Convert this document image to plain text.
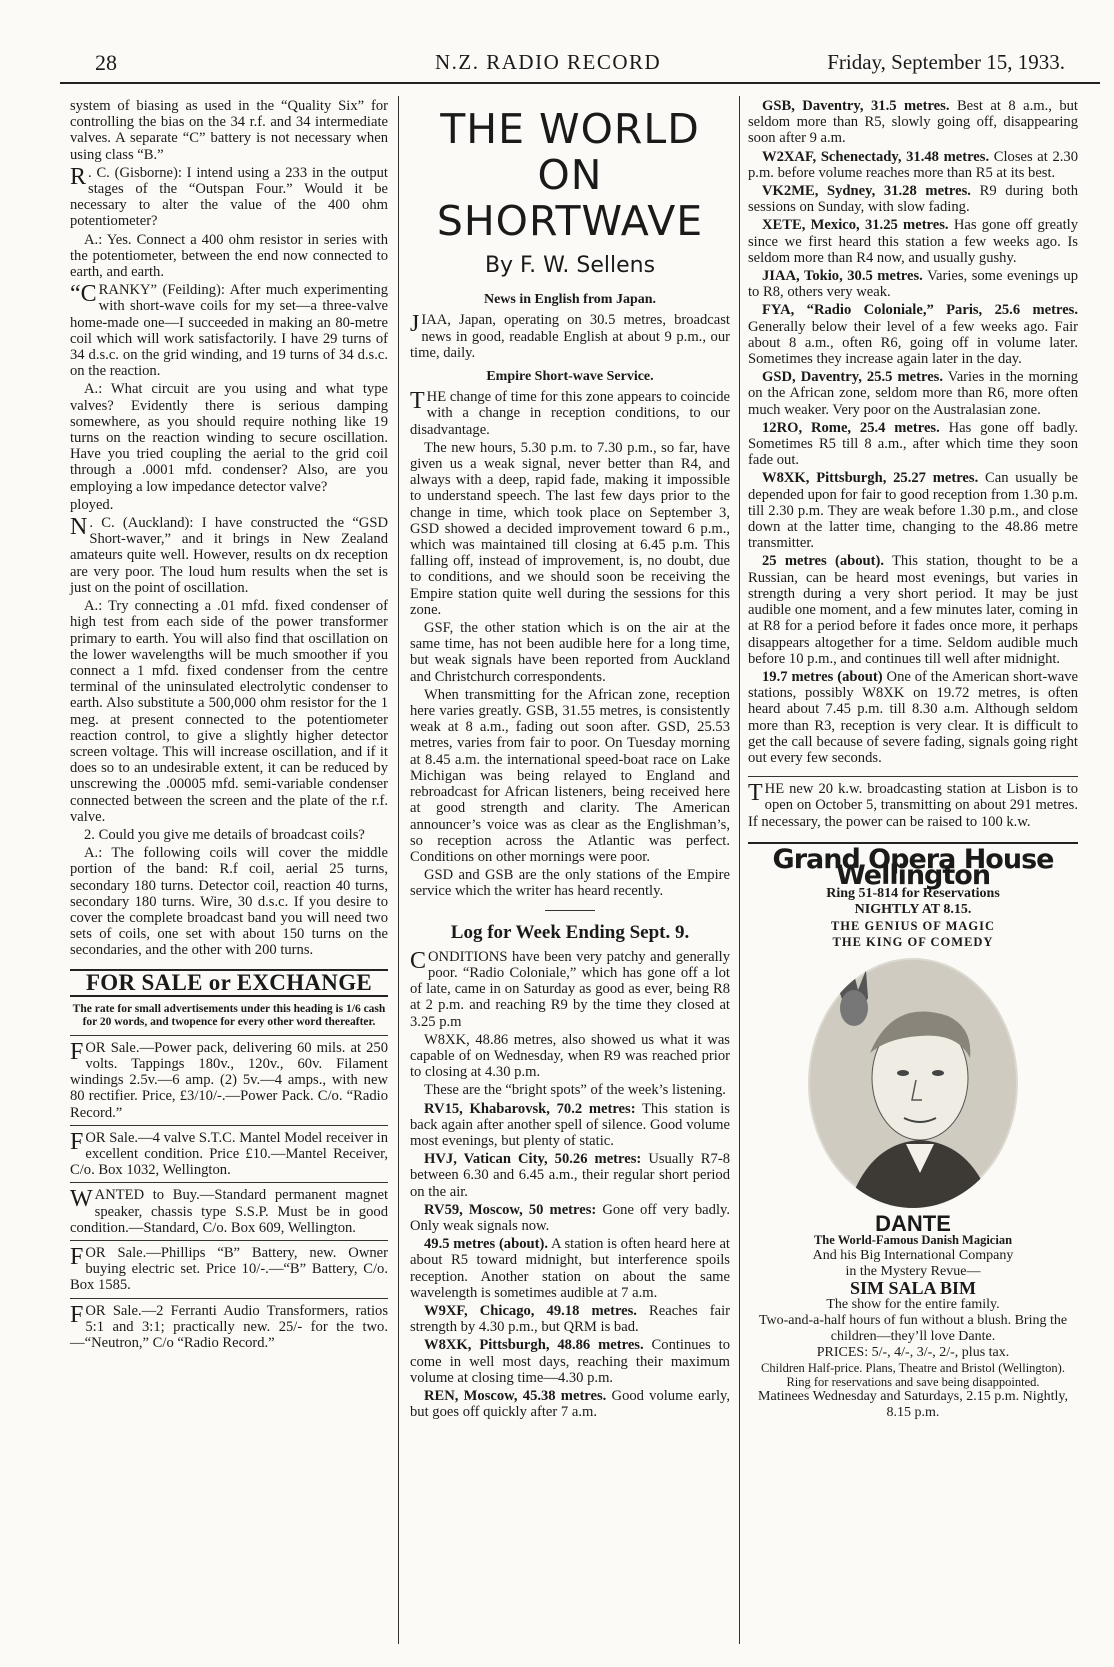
28	N.Z. RADIO RECORD	Friday, September 15, 1933.

system of biasing as used in the “Quality Six” for controlling the bias on the 34 r.f. and 34 intermediate valves. A separate “C” battery is not necessary when using class “B.”

R . C. (Gisborne): I intend using a 233 in the output stages of the “Outspan Four.” Would it be necessary to alter the value of the 400 ohm potentiometer?

A.: Yes. Connect a 400 ohm resistor in series with the potentiometer, between the end now connected to earth, and earth.

“CRANKY” (Feilding): After much experimenting with short-wave coils for my set—a three-valve home-made one—I succeeded in making an 80-metre coil which will work satisfactorily. I have 29 turns of 34 d.s.c. on the grid winding, and 19 turns of 34 d.s.c. on the reaction.

A.: What circuit are you using and what type valves? Evidently there is serious damping somewhere, as you should require nothing like 19 turns on the reaction winding to secure oscillation. Have you tried coupling the aerial to the grid coil through a .0001 mfd. condenser? Also, are you employing a low impedance detector valve?

ployed.

N . C. (Auckland): I have constructed the “GSD Short-waver,” and it brings in New Zealand amateurs quite well. However, results on dx reception are very poor. The loud hum results when the set is just on the point of oscillation.

A.: Try connecting a .01 mfd. fixed condenser of high test from each side of the power transformer primary to earth. You will also find that oscillation on the lower wavelengths will be much smoother if you connect a 1 mfd. fixed condenser from the centre terminal of the uninsulated electrolytic condenser to earth. Also substitute a 500,000 ohm resistor for the 1 meg. at present connected to the potentiometer reaction control, to give a slightly higher detector screen voltage. This will increase oscillation, and if it does so to an undesirable extent, it can be reduced by unscrewing the .00005 mfd. semi-variable condenser connected between the screen and the plate of the r.f. valve.

2. Could you give me details of broadcast coils?

A.: The following coils will cover the middle portion of the band: R.f coil, aerial 25 turns, secondary 180 turns. Detector coil, reaction 40 turns, secondary 180 turns. Wire, 30 d.s.c. If you desire to cover the complete broadcast band you will need two sets of coils, one set with about 150 turns on the secondaries, and the other with 200 turns.

FOR SALE or EXCHANGE
The rate for small advertisements under this heading is 1/6 cash for 20 words, and twopence for every other word thereafter.

FOR Sale.—Power pack, delivering 60 mils. at 250 volts. Tappings 180v., 120v., 60v. Filament windings 2.5v.—6 amp. (2) 5v.—4 amps., with new 80 rectifier. Price, £3/10/-.—Power Pack. C/o. “Radio Record.”

FOR Sale.—4 valve S.T.C. Mantel Model receiver in excellent condition. Price £10.—Mantel Receiver, C/o. Box 1032, Wellington.

WANTED to Buy.—Standard permanent magnet speaker, chassis type S.S.P. Must be in good condition.—Standard, C/o. Box 609, Wellington.

FOR Sale.—Phillips “B” Battery, new. Owner buying electric set. Price 10/-.—“B” Battery, C/o. Box 1585.

FOR Sale.—2 Ferranti Audio Transformers, ratios 5:1 and 3:1; practically new. 25/- for the two.—“Neutron,” C/o “Radio Record.”

THE WORLD
ON
SHORTWAVE
By F. W. Sellens
News in English from Japan.

JIAA, Japan, operating on 30.5 metres, broadcast news in good, readable English at about 9 p.m., our time, daily.

Empire Short-wave Service.

THE change of time for this zone appears to coincide with a change in reception conditions, to our disadvantage.

The new hours, 5.30 p.m. to 7.30 p.m., so far, have given us a weak signal, never better than R4, and always with a deep, rapid fade, making it impossible to understand speech. The last few days prior to the change in time, which took place on September 3, GSD showed a decided improvement toward 6 p.m., which was maintained till closing at 6.45 p.m. This falling off, instead of improvement, is, no doubt, due to conditions, and we should soon be receiving the Empire station quite well during the sessions for this zone.

GSF, the other station which is on the air at the same time, has not been audible here for a long time, but weak signals have been reported from Auckland and Christchurch correspondents.

When transmitting for the African zone, reception here varies greatly. GSB, 31.55 metres, is consistently weak at 8 a.m., fading out soon after. GSD, 25.53 metres, varies from fair to poor. On Tuesday morning at 8.45 a.m. the international speed-boat race on Lake Michigan was being relayed to England and rebroadcast for African listeners, being received here at good strength and clarity. The American announcer’s voice was as clear as the Englishman’s, so reception across the Atlantic was perfect. Conditions on other mornings were poor.

GSD and GSB are the only stations of the Empire service which the writer has heard recently.

Log for Week Ending Sept. 9.

CONDITIONS have been very patchy and generally poor. “Radio Coloniale,” which has gone off a lot of late, came in on Saturday as good as ever, being R8 at 2 p.m. and reaching R9 by the time they closed at 3.25 p.m

W8XK, 48.86 metres, also showed us what it was capable of on Wednesday, when R9 was reached prior to closing at 4.30 p.m.

These are the “bright spots” of the week’s listening.

RV15, Khabarovsk, 70.2 metres: This station is back again after another spell of silence. Good volume most evenings, but plenty of static.

HVJ, Vatican City, 50.26 metres: Usually R7-8 between 6.30 and 6.45 a.m., their regular short period on the air.

RV59, Moscow, 50 metres: Gone off very badly. Only weak signals now.

49.5 metres (about). A station is often heard here at about R5 toward midnight, but interference spoils reception. Another station on about the same wavelength is sometimes audible at 7 a.m.

W9XF, Chicago, 49.18 metres. Reaches fair strength by 4.30 p.m., but QRM is bad.

W8XK, Pittsburgh, 48.86 metres. Continues to come in well most days, reaching their maximum volume at closing time—4.30 p.m.

REN, Moscow, 45.38 metres. Good volume early, but goes off quickly after 7 a.m.

GSB, Daventry, 31.5 metres. Best at 8 a.m., but seldom more than R5, slowly going off, disappearing soon after 9 a.m.

W2XAF, Schenectady, 31.48 metres. Closes at 2.30 p.m. before volume reaches more than R5 at its best.

VK2ME, Sydney, 31.28 metres. R9 during both sessions on Sunday, with slow fading.

XETE, Mexico, 31.25 metres. Has gone off greatly since we first heard this station a few weeks ago. Is seldom more than R4 now, and usually gushy.

JIAA, Tokio, 30.5 metres. Varies, some evenings up to R8, others very weak.

FYA, “Radio Coloniale,” Paris, 25.6 metres. Generally below their level of a few weeks ago. Fair about 8 a.m., often R6, going off in volume later. Sometimes they increase again later in the day.

GSD, Daventry, 25.5 metres. Varies in the morning on the African zone, seldom more than R6, more often much weaker. Very poor on the Australasian zone.

12RO, Rome, 25.4 metres. Has gone off badly. Sometimes R5 till 8 a.m., after which time they soon fade out.

W8XK, Pittsburgh, 25.27 metres. Can usually be depended upon for fair to good reception from 1.30 p.m. till 2.30 p.m. They are weak before 1.30 p.m., and close down at the latter time, changing to the 48.86 metre transmitter.

25 metres (about). This station, thought to be a Russian, can be heard most evenings, but varies in strength during a very short period. It may be just audible one moment, and a few minutes later, coming in at R8 for a period before it fades once more, it perhaps disappears altogether for a time. Seldom audible much before 10 p.m., and continues till well after midnight.

19.7 metres (about) One of the American short-wave stations, possibly W8XK on 19.72 metres, is often heard about 7.45 p.m. till 8.30 a.m. Although seldom more than R3, reception is very clear. It is difficult to get the call because of severe fading, signals going right out every few seconds.

THE new 20 k.w. broadcasting station at Lisbon is to open on October 5, transmitting on about 291 metres. If necessary, the power can be raised to 100 k.w.

Grand Opera House Wellington
Ring 51-814 for Reservations
NIGHTLY AT 8.15.
THE GENIUS OF MAGIC
THE KING OF COMEDY
DANTE
The World-Famous Danish Magician
And his Big International Company
in the Mystery Revue—
SIM SALA BIM
The show for the entire family.
Two-and-a-half hours of fun without a blush. Bring the children—they’ll love Dante.
PRICES: 5/-, 4/-, 3/-, 2/-, plus tax.
Children Half-price. Plans, Theatre and Bristol (Wellington). Ring for reservations and save being disappointed.
Matinees Wednesday and Saturdays, 2.15 p.m. Nightly, 8.15 p.m.
